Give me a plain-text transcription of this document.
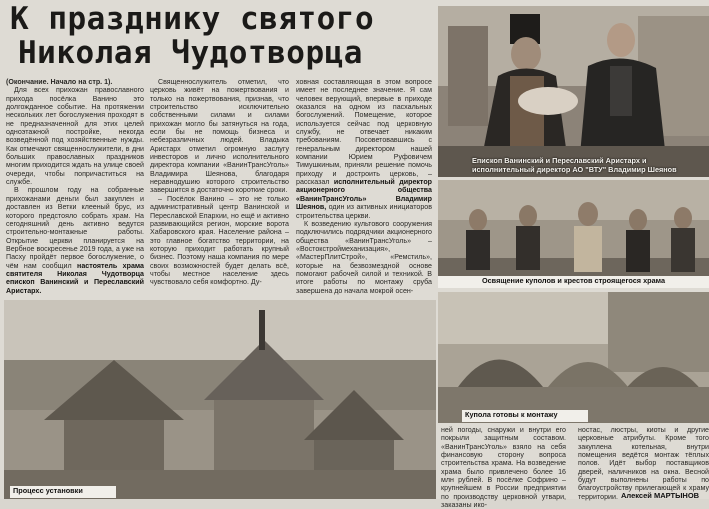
К празднику святого
Николая Чудотворца

(Окончание. Начало на стр. 1).

Для всех прихожан православного прихода посёлка Ванино это долгожданное событие. На протяжении нескольких лет богослужения проходят в не предназначенной для этих целей одноэтажной постройке, некогда возведённой под хозяйственные нужды. Как отмечают священнослужители, в дни больших православных праздников многим приходится ждать на улице своей очереди, чтобы попричаститься на службе.

В прошлом году на собранные прихожанами деньги был закуплен и доставлен из Ветки клееный брус, из которого предстояло собрать храм. На сегодняшний день активно ведутся строительно-монтажные работы. Открытие церкви планируется на Вербное воскресенье 2019 года, а уже на Пасху пройдёт первое богослужение, о чём нам сообщил настоятель храма святителя Николая Чудотворца епископ Ванинский и Переславский Аристарх.

Священнослужитель отметил, что церковь живёт на пожертвования и только на пожертвования, признав, что строительство исключительно собственными силами и силами прихожан могло бы затянуться на года, если бы не помощь бизнеса и небезразличных людей. Владыка Аристарх отметил огромную заслугу инвесторов и лично исполнительного директора компании «ВанинТрансУголь» Владимира Шеянова, благодаря неравнодушию которого строительство завершится в достаточно короткие сроки.

– Посёлок Ванино – это не только административный центр Ванинской и Переславской Епархии, но ещё и активно развивающийся регион, морские ворота Хабаровского края. Население района – это главное богатство территории, на которую приходит работать крупный бизнес. Поэтому наша компания по мере своих возможностей будет делать всё, чтобы местное население здесь чувствовало себя комфортно. Ду-

ховная составляющая в этом вопросе имеет не последнее значение. Я сам человек верующий, впервые в приходе оказался на одном из пасхальных богослужений. Помещение, которое используется сейчас под церковную службу, не отвечает никаким требованиям. Посоветовавшись с генеральным директором нашей компании Юрием Руфовичем Тимушкиным, приняли решение помочь приходу и достроить церковь, – рассказал исполнительный директор акционерного общества «ВанинТрансУголь» Владимир Шеянов, один из активных инициаторов строительства церкви.

К возведению культового сооружения подключились подрядчики акционерного общества «ВанинТрансУголь» – «Востокстроймеханизация», «МастерПлитСтрой», «Ремстиль», которые на безвозмездной основе помогают рабочей силой и техникой. В итоге работы по монтажу сруба завершена до начала мокрой осен-

Епископ Ванинский и Переславский Аристарх и исполнительный директор АО "ВТУ" Владимир Шеянов
Освящение куполов и крестов строящегося храма
Купола готовы к монтажу
Процесс установки

ней погоды, снаружи и внутри его покрыли защитным составом. «ВанинТрансУголь» взяло на себя финансовую сторону вопроса строительства храма. На возведение храма было привлечено более 16 млн рублей. В посёлке Софрино – крупнейшем в России предприятии по производству церковной утвари, заказаны ико-

ностас, люстры, киоты и другие церковные атрибуты. Кроме того закуплена котельная, внутри помещения ведётся монтаж тёплых полов. Идёт выбор поставщиков дверей, наличников на окна. Весной будут выполнены работы по благоустройству прилегающей к храму территории. Алексей МАРТЫНОВ
